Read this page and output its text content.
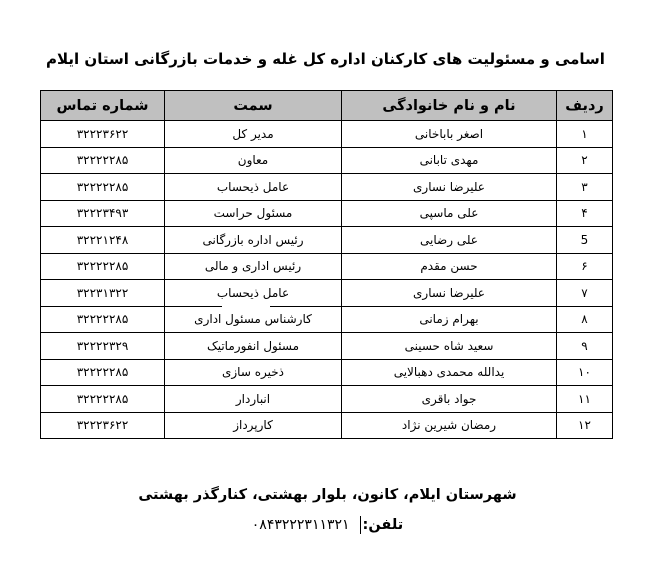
اسامی و مسئولیت های کارکنان اداره کل غله و خدمات بازرگانی استان ایلام
ردیف	نام و نام خانوادگی	سمت	شماره تماس
۱	اصغر باباخانی	مدیر کل	۳۲۲۲۳۶۲۲
۲	مهدی تابانی	معاون	۳۲۲۲۲۲۸۵
۳	علیرضا نساری	عامل ذیحساب	۳۲۲۲۲۲۸۵
۴	علی ماسپی	مسئول حراست	۳۲۲۲۳۴۹۳
5	علی رضایی	رئیس اداره بازرگانی	۳۲۲۲۱۲۴۸
۶	حسن مقدم	رئیس اداری و مالی	۳۲۲۲۲۲۸۵
۷	علیرضا نساری	عامل ذیحساب	۳۲۲۳۱۳۲۲
۸	بهرام زمانی	کارشناس مسئول اداری	۳۲۲۲۲۲۸۵
۹	سعید شاه حسینی	مسئول انفورماتیک	۳۲۲۲۲۳۲۹
۱۰	یدالله محمدی دهبالایی	ذخیره سازی	۳۲۲۲۲۲۸۵
۱۱	جواد باقری	انباردار	۳۲۲۲۲۲۸۵
۱۲	رمضان شیرین نژاد	کارپرداز	۳۲۲۲۳۶۲۲
شهرستان ایلام، کانون، بلوار بهشتی، کنارگذر بهشتی
تلفن:۰۸۴۳۲۲۲۳۱۱۳۲۱
